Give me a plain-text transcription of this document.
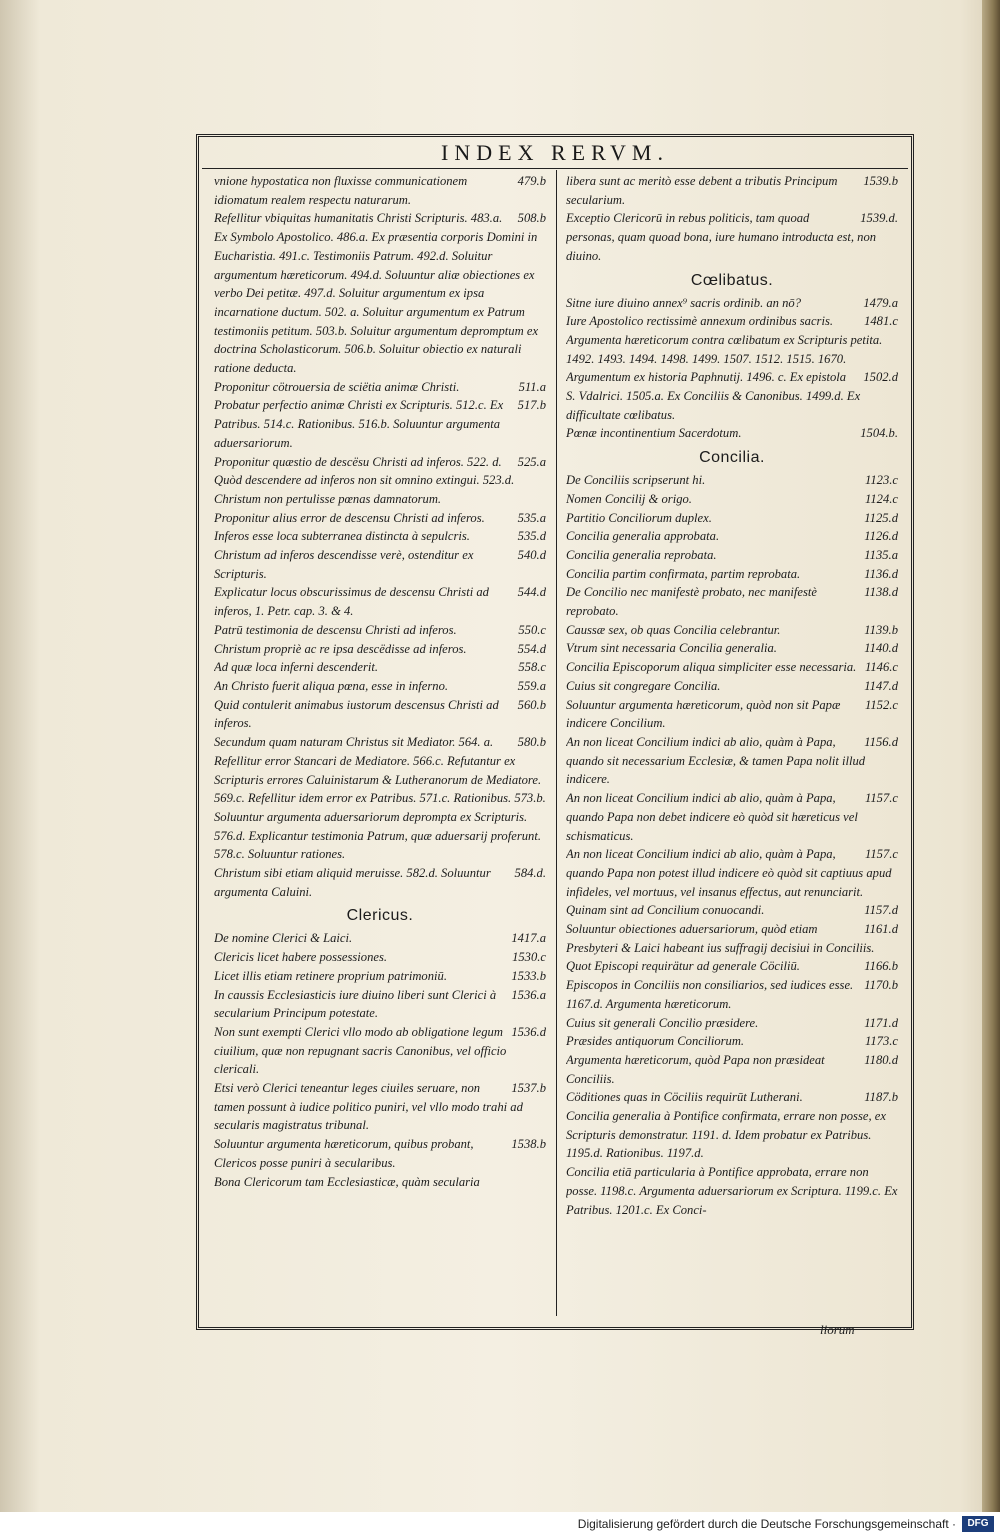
INDEX RERVM.
479.b
vnione hypostatica non fluxisse communicationem idiomatum realem respectu naturarum.
508.b
Refellitur vbiquitas humanitatis Christi Scripturis. 483.a. Ex Symbolo Apostolico. 486.a. Ex præsentia corporis Domini in Eucharistia. 491.c. Testimoniis Patrum. 492.d. Soluitur argumentum hæreticorum. 494.d. Soluuntur aliæ obiectiones ex verbo Dei petitæ. 497.d. Soluitur argumentum ex ipsa incarnatione ductum. 502. a. Soluitur argumentum ex Patrum testimoniis petitum. 503.b. Soluitur argumentum depromptum ex doctrina Scholasticorum. 506.b. Soluitur obiectio ex naturali ratione deducta.
511.a
Proponitur cötrouersia de sciëtia animæ Christi.
517.b
Probatur perfectio animæ Christi ex Scripturis. 512.c. Ex Patribus. 514.c. Rationibus. 516.b. Soluuntur argumenta aduersariorum.
525.a
Proponitur quæstio de descësu Christi ad inferos. 522. d. Quòd descendere ad inferos non sit omnino extingui. 523.d. Christum non pertulisse pœnas damnatorum.
535.a
Proponitur alius error de descensu Christi ad inferos.
535.d
Inferos esse loca subterranea distincta à sepulcris.
540.d
Christum ad inferos descendisse verè, ostenditur ex Scripturis.
544.d
Explicatur locus obscurissimus de descensu Christi ad inferos, 1. Petr. cap. 3. & 4.
550.c
Patrū testimonia de descensu Christi ad inferos.
554.d
Christum propriè ac re ipsa descëdisse ad inferos.
558.c
Ad quæ loca inferni descenderit.
559.a
An Christo fuerit aliqua pœna, esse in inferno.
560.b
Quid contulerit animabus iustorum descensus Christi ad inferos.
580.b
Secundum quam naturam Christus sit Mediator. 564. a. Refellitur error Stancari de Mediatore. 566.c. Refutantur ex Scripturis errores Caluinistarum & Lutheranorum de Mediatore. 569.c. Refellitur idem error ex Patribus. 571.c. Rationibus. 573.b. Soluuntur argumenta aduersariorum deprompta ex Scripturis. 576.d. Explicantur testimonia Patrum, quæ aduersarij proferunt. 578.c. Soluuntur rationes.
584.d.
Christum sibi etiam aliquid meruisse. 582.d. Soluuntur argumenta Caluini.
Clericus.
1417.a
De nomine Clerici & Laici.
1530.c
Clericis licet habere possessiones.
1533.b
Licet illis etiam retinere proprium patrimoniū.
1536.a
In caussis Ecclesiasticis iure diuino liberi sunt Clerici à secularium Principum potestate.
1536.d
Non sunt exempti Clerici vllo modo ab obligatione legum ciuilium, quæ non repugnant sacris Canonibus, vel officio clericali.
1537.b
Etsi verò Clerici teneantur leges ciuiles seruare, non tamen possunt à iudice politico puniri, vel vllo modo trahi ad secularis magistratus tribunal.
1538.b
Soluuntur argumenta hæreticorum, quibus probant, Clericos posse puniri à secularibus.
Bona Clericorum tam Ecclesiasticæ, quàm secularia
1539.b
libera sunt ac meritò esse debent a tributis Principum secularium.
1539.d.
Exceptio Clericorū in rebus politicis, tam quoad personas, quam quoad bona, iure humano introducta est, non diuino.
Cœlibatus.
1479.a
Sitne iure diuino annex⁹ sacris ordinib. an nō?
1481.c
Iure Apostolico rectissimè annexum ordinibus sacris.
Argumenta hæreticorum contra cœlibatum ex Scripturis petita. 1492. 1493. 1494. 1498. 1499. 1507. 1512. 1515. 1670.
1502.d
Argumentum ex historia Paphnutij. 1496. c. Ex epistola S. Vdalrici. 1505.a. Ex Conciliis & Canonibus. 1499.d. Ex difficultate cœlibatus.
1504.b.
Pœnæ incontinentium Sacerdotum.
Concilia.
1123.c
De Conciliis scripserunt hi.
1124.c
Nomen Concilij & origo.
1125.d
Partitio Conciliorum duplex.
1126.d
Concilia generalia approbata.
1135.a
Concilia generalia reprobata.
1136.d
Concilia partim confirmata, partim reprobata.
1138.d
De Concilio nec manifestè probato, nec manifestè reprobato.
1139.b
Caussæ sex, ob quas Concilia celebrantur.
1140.d
Vtrum sint necessaria Concilia generalia.
1146.c
Concilia Episcoporum aliqua simpliciter esse necessaria.
1147.d
Cuius sit congregare Concilia.
1152.c
Soluuntur argumenta hæreticorum, quòd non sit Papæ indicere Concilium.
1156.d
An non liceat Concilium indici ab alio, quàm à Papa, quando sit necessarium Ecclesiæ, & tamen Papa nolit illud indicere.
1157.c
An non liceat Concilium indici ab alio, quàm à Papa, quando Papa non debet indicere eò quòd sit hæreticus vel schismaticus.
1157.c
An non liceat Concilium indici ab alio, quàm à Papa, quando Papa non potest illud indicere eò quòd sit captiuus apud infideles, vel mortuus, vel insanus effectus, aut renunciarit.
1157.d
Quinam sint ad Concilium conuocandi.
1161.d
Soluuntur obiectiones aduersariorum, quòd etiam Presbyteri & Laici habeant ius suffragij decisiui in Conciliis.
1166.b
Quot Episcopi requirätur ad generale Cöciliū.
1170.b
Episcopos in Conciliis non consiliarios, sed iudices esse. 1167.d. Argumenta hæreticorum.
1171.d
Cuius sit generali Concilio præsidere.
1173.c
Præsides antiquorum Conciliorum.
1180.d
Argumenta hæreticorum, quòd Papa non præsideat Conciliis.
1187.b
Cöditiones quas in Cöciliis requirūt Lutherani.
Concilia generalia à Pontifice confirmata, errare non posse, ex Scripturis demonstratur. 1191. d. Idem probatur ex Patribus. 1195.d. Rationibus. 1197.d.
Concilia etiā particularia à Pontifice approbata, errare non posse. 1198.c. Argumenta aduersariorum ex Scriptura. 1199.c. Ex Patribus. 1201.c. Ex Conci-
liorum
Digitalisierung gefördert durch die Deutsche Forschungsgemeinschaft ·	DFG
